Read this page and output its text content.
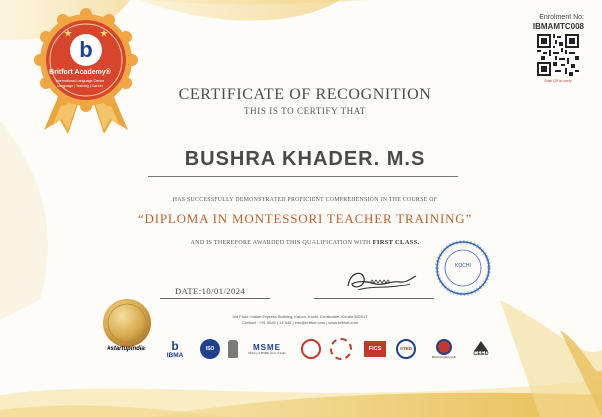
b
Britfort Academy®
International Language Centre
Language | Training | Career
Enrolment No:
IBMAMTC008
Scan QR to verify
CERTIFICATE OF RECOGNITION
THIS IS TO CERTIFY THAT
BUSHRA KHADER. M.S
HAS SUCCESSFULLY DEMONSTRATED PROFICIENT COMPREHENSION IN THE COURSE OF
“DIPLOMA IN MONTESSORI TEACHER TRAINING”
AND IS THEREFORE AWARDED THIS QUALIFICATION WITH FIRST CLASS.
DATE:10/01/2024
KOCHI
3rd Floor, Indian Express Building, Kaloor, Kochi, Ernakulam, Kerala 682017
Contact : +91 9645 | 14 445 | info@britfort.com | www.britfort.com
#startupindia b
IBMA
ISO	MSME
Ministry of MSME, Govt. of India
FICS	STED
British English Club	CEED
